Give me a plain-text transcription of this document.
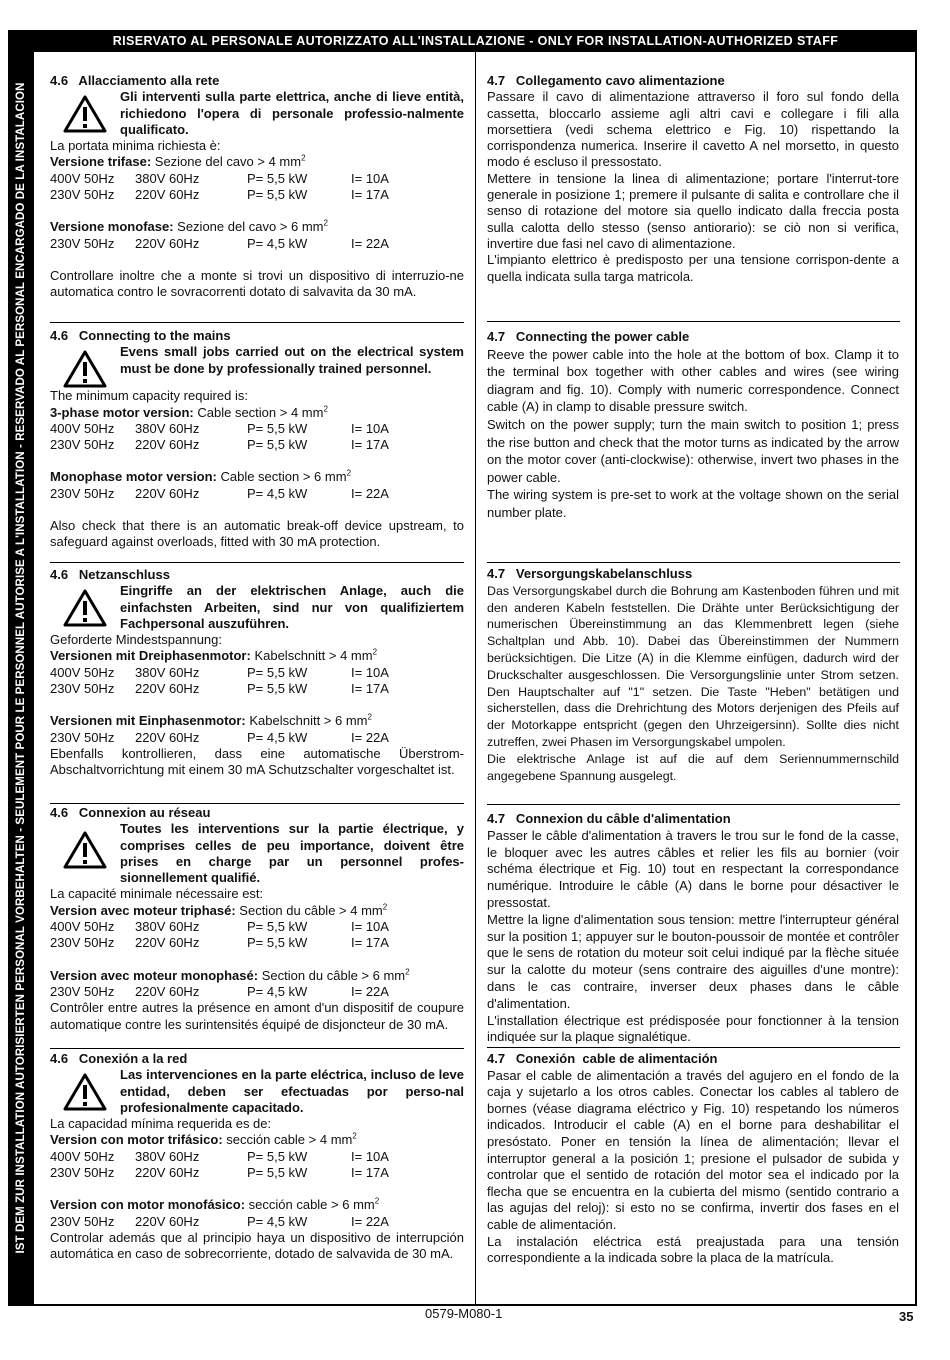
IST DEM ZUR INSTALLATION AUTORISIERTEN PERSONAL VORBEHALTEN - SEULEMENT POUR LE PERSONNEL AUTORISE A L'INSTALLATION - RESERVADO AL PERSONAL ENCARGADO DE LA INSTALACION
RISERVATO AL PERSONALE AUTORIZZATO ALL'INSTALLAZIONE - ONLY FOR INSTALLATION-AUTHORIZED STAFF
4.6   Allacciamento alla rete
Gli interventi sulla parte elettrica, anche di lieve entità, richiedono l'opera di personale professio-nalmente qualificato.
La portata minima richiesta è:
Versione trifase: Sezione del cavo > 4 $mm^2$
400V 50Hz	380V 60Hz	P= 5,5 kW	I= 10A
230V 50Hz	220V 60Hz	P= 5,5 kW	I= 17A
Versione monofase: Sezione del cavo > 6 $mm^2$
230V 50Hz	220V 60Hz	P= 4,5 kW	I= 22A
Controllare inoltre che a monte si trovi un dispositivo di interruzio-ne automatica contro le sovracorrenti dotato di salvavita da 30 mA.
4.6   Connecting to the mains
Evens small jobs carried out on the electrical system must be done by professionally trained personnel.
The minimum capacity required is:
3-phase motor version: Cable section > 4 $mm^2$
400V 50Hz	380V 60Hz	P= 5,5 kW	I= 10A
230V 50Hz	220V 60Hz	P= 5,5 kW	I= 17A
Monophase motor version: Cable section > 6 $mm^2$
230V 50Hz	220V 60Hz	P= 4,5 kW	I= 22A
Also check that there is an automatic break-off device upstream, to safeguard against overloads, fitted with 30 mA protection.
4.6   Netzanschluss
Eingriffe an der elektrischen Anlage, auch die einfachsten Arbeiten, sind nur von qualifiziertem Fachpersonal auszuführen.
Geforderte Mindestspannung:
Versionen mit Dreiphasenmotor: Kabelschnitt > 4 $mm^2$
400V 50Hz	380V 60Hz	P= 5,5 kW	I= 10A
230V 50Hz	220V 60Hz	P= 5,5 kW	I= 17A
Versionen mit Einphasenmotor: Kabelschnitt > 6 $mm^2$
230V 50Hz	220V 60Hz	P= 4,5 kW	I= 22A
Ebenfalls kontrollieren, dass eine automatische Überstrom-Abschaltvorrichtung mit einem 30 mA Schutzschalter vorgeschaltet ist.
4.6   Connexion au réseau
Toutes les interventions sur la partie électrique, y comprises celles de peu importance, doivent être prises en charge par un personnel profes-sionnellement qualifié.
La capacité minimale nécessaire est:
Version avec moteur triphasé: Section du câble > 4 $mm^2$
400V 50Hz	380V 60Hz	P= 5,5 kW	I= 10A
230V 50Hz	220V 60Hz	P= 5,5 kW	I= 17A
Version avec moteur monophasé: Section du câble > 6 $mm^2$
230V 50Hz	220V 60Hz	P= 4,5 kW	I= 22A
Contrôler entre autres la présence en amont d'un dispositif de coupure automatique contre les surintensités équipé de disjoncteur de 30 mA.
4.6   Conexión a la red
Las intervenciones en la parte eléctrica, incluso de leve entidad, deben ser efectuadas por perso-nal profesionalmente capacitado.
La capacidad mínima requerida es de:
Version con motor trifásico: sección cable > 4 $mm^2$
400V 50Hz	380V 60Hz	P= 5,5 kW	I= 10A
230V 50Hz	220V 60Hz	P= 5,5 kW	I= 17A
Version con motor monofásico: sección cable > 6 $mm^2$
230V 50Hz	220V 60Hz	P= 4,5 kW	I= 22A
Controlar además que al principio haya un dispositivo de interrupción automática en caso de sobrecorriente, dotado de salvavida de 30 mA.
4.7   Collegamento cavo alimentazione
Passare il cavo di alimentazione attraverso il foro sul fondo della cassetta, bloccarlo assieme agli altri cavi e collegare i fili alla morsettiera (vedi schema elettrico e Fig. 10) rispettando la corrispondenza numerica. Inserire il cavetto A nel morsetto, in questo modo é escluso il pressostato.
Mettere in tensione la linea di alimentazione; portare l'interrut-tore generale in posizione 1; premere il pulsante di salita e controllare che il senso di rotazione del motore sia quello indicato dalla freccia posta sulla calotta dello stesso (senso antiorario): se ciò non si verifica, invertire due fasi nel cavo di alimentazione.
L'impianto elettrico è predisposto per una tensione corrispon-dente a quella indicata sulla targa matricola.
4.7   Connecting the power cable
Reeve the power cable into the hole at the bottom of box. Clamp it to the terminal box together with other cables and wires (see wiring diagram and fig. 10). Comply with numeric correspondence. Connect cable (A) in clamp to disable pressure switch.
Switch on the power supply; turn the main switch to position 1; press the rise button and check that the motor turns as indicated by the arrow on the motor cover (anti-clockwise): otherwise, invert two phases in the power cable.
The wiring system is pre-set to work at the voltage shown on the serial number plate.
4.7   Versorgungskabelanschluss
Das Versorgungskabel durch die Bohrung am Kastenboden führen und mit den anderen Kabeln feststellen. Die Drähte unter Berücksichtigung der numerischen Übereinstimmung an das Klemmenbrett legen (siehe Schaltplan und Abb. 10). Dabei das Übereinstimmen der Nummern berücksichtigen. Die Litze (A) in die Klemme einfügen, dadurch wird der Druckschalter ausgeschlossen. Die Versorgungslinie unter Strom setzen. Den Hauptschalter auf "1" setzen. Die Taste "Heben" betätigen und sicherstellen, dass die Drehrichtung des Motors derjenigen des Pfeils auf der Motorkappe entspricht (gegen den Uhrzeigersinn). Sollte dies nicht zutreffen, zwei Phasen im Versorgungskabel umpolen.
Die elektrische Anlage ist auf die auf dem Seriennummernschild angegebene Spannung ausgelegt.
4.7   Connexion du câble d'alimentation
Passer le câble d'alimentation à travers le trou sur le fond de la casse, le bloquer avec les autres câbles et relier les fils au bornier (voir schéma électrique et Fig. 10) tout en respectant la correspondance numérique. Introduire le câble (A) dans le borne pour désactiver le pressostat.
Mettre la ligne d'alimentation sous tension: mettre l'interrupteur général sur la position 1; appuyer sur le bouton-poussoir de montée et contrôler que le sens de rotation du moteur soit celui indiqué par la flèche située sur la calotte du moteur (sens contraire des aiguilles d'une montre): dans le cas contraire, inverser deux phases dans le câble d'alimentation.
L'installation électrique est prédisposée pour fonctionner à la tension indiquée sur la plaque signalétique.
4.7   Conexión  cable de alimentación
Pasar el cable de alimentación a través del agujero en el fondo de la caja y sujetarlo a los otros cables. Conectar los cables al tablero de bornes (véase diagrama eléctrico y Fig. 10) respetando los números indicados. Introducir el cable (A) en el borne para deshabilitar el presóstato. Poner en tensión la línea de alimentación; llevar el interruptor general a la posición 1; presione el pulsador de subida y controlar que el sentido de rotación del motor sea el indicado por la flecha que se encuentra en la cubierta del mismo (sentido contrario a las agujas del reloj): si esto no se confirma, invertir dos fases en el cable de alimentación.
La instalación eléctrica está preajustada para una tensión correspondiente a la indicada sobre la placa de la matrícula.
0579-M080-1	35
